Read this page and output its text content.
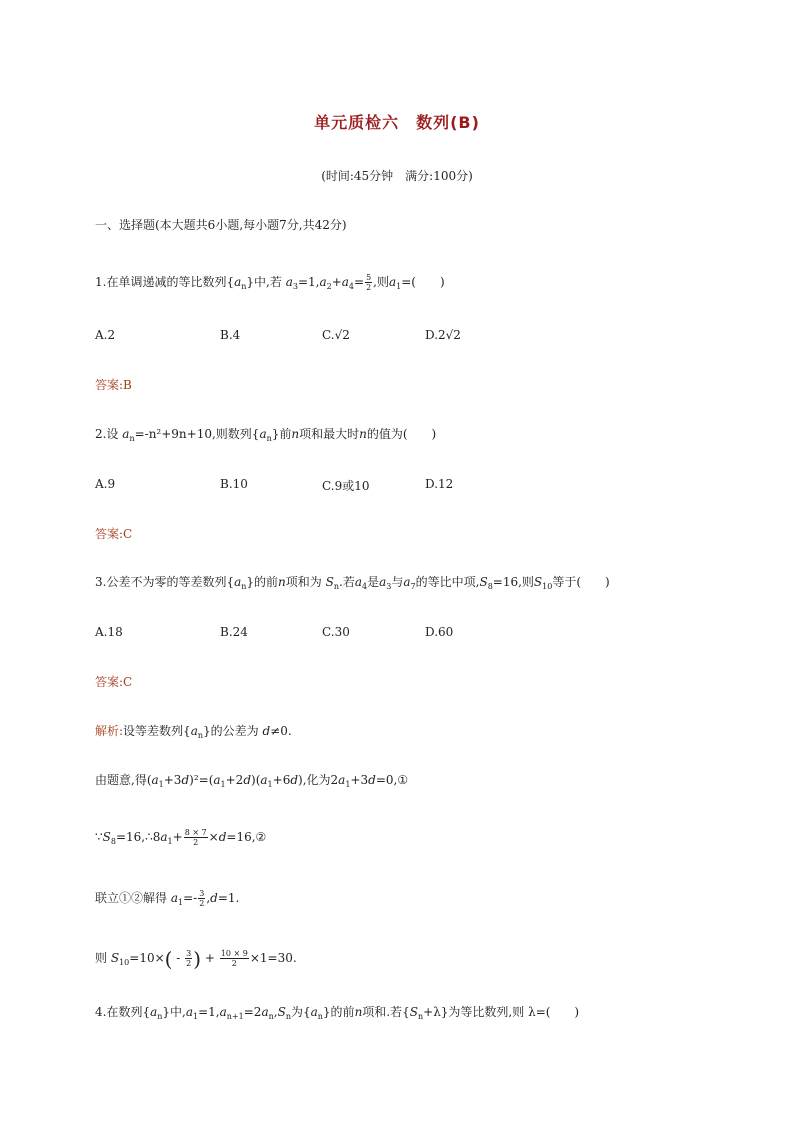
单元质检六　数列(B)
(时间:45分钟　满分:100分)
一、选择题(本大题共6小题,每小题7分,共42分)
1.在单调递减的等比数列$\{a_n\}$中,若 $a_3=1,a_2+a_4= \frac{5}{2}$ ,则$a_1=$(　　)
A.2	B.4	C.√2	D.2√2
答案:B
2.设 $a_n=-n^2+9n+10$,则数列$\{a_n\}$前n项和最大时n的值为(　　)
A.9	B.10	C.9或10	D.12
答案:C
3.公差不为零的等差数列$\{a_n\}$的前n项和为 $S_n$.若$a_4$是$a_3$与$a_7$的等比中项$,S_8=16$,则$S_{10}$等于(　　)
A.18	B.24	C.30	D.60
答案:C
解析:设等差数列$\{a_n\}$的公差为 d≠0.
由题意,得$(a_1+3d)^2=(a_1+2d)(a_1+6d)$,化为$2a_1+3d=0,①$
$\because S_8=16,\therefore 8a_1+ \frac{8 \times 7}{2}$ ×d=16,②
联立①②解得 $a_1=- \frac{3}{2} ,d=1$.
则 $S_{10}=10\times( - \frac{3}{2}$ ) + $\frac{10 \times 9}{2} \times 1=30$.
4.在数列$\{a_n\}$中$,a_1=1,a_{n+1}=2a_n,S_n$为$\{a_n\}$的前n项和.若$\{S_n+\lambda\}$为等比数列,则 λ=(　　)
